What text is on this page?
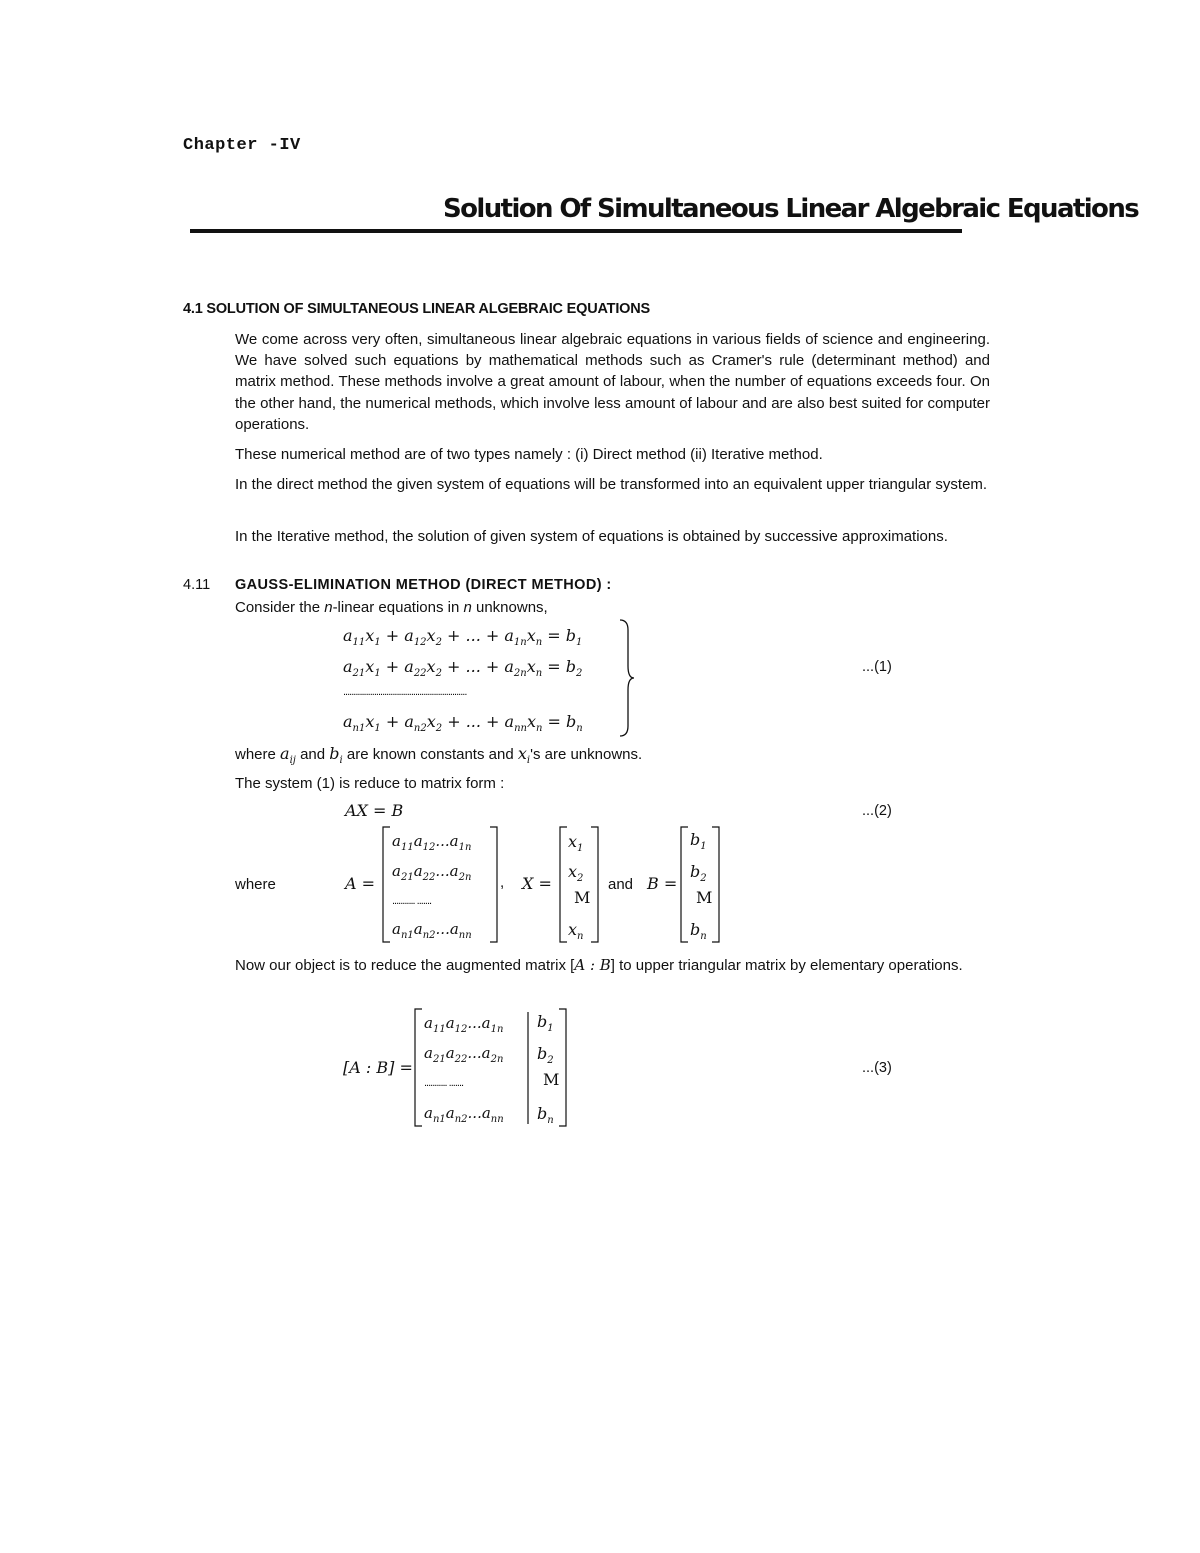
Chapter -IV
Solution Of Simultaneous Linear Algebraic Equations
4.1 SOLUTION OF SIMULTANEOUS LINEAR ALGEBRAIC EQUATIONS
We come across very often, simultaneous linear algebraic equations in various fields of science and engineering. We have solved such equations by mathematical methods such as Cramer's rule (determinant method) and matrix method. These methods involve a great amount of labour, when the number of equations exceeds four. On the other hand, the numerical methods, which involve less amount of labour and are also best suited for computer operations.
These numerical method are of two types namely : (i) Direct method (ii) Iterative method.
In the direct method the given system of equations will be transformed into an equivalent upper triangular system.
In the Iterative method, the solution of given system of equations is obtained by successive approximations.
4.11 GAUSS-ELIMINATION METHOD (DIRECT METHOD) :
Consider the n-linear equations in n unknowns,
$a_{11}x_1 + a_{12}x_2$ + ... + $a_{1n}x_n = b_1$
$a_{21}x_1 + a_{22}x_2$ + ... + $a_{2n}x_n = b_2$
............................................................
$a_{n1}x_1 + a_{n2}x_2$ + ... + $a_{nn}x_n = b_n$
...(1)
where $a_{ij}$ and $b_i$ are known constants and $x_i's$ are unknowns.
The system (1) is reduce to matrix form :
AX = B	...(2)
where	A =
$a_{11}a_{12}...a_{1n}$
$a_{21}a_{22}...a_{2n}$
........... .......
$a_{n1}a_{n2}...a_{nn}$
, X =
$x_1$
$x_2$
M
$x_n$
and B =
$b_1$
$b_2$
M
$b_n$
Now our object is to reduce the augmented matrix [A : B] to upper triangular matrix by elementary operations.
[A : B] =
$a_{11}a_{12}...a_{1n}$
$a_{21}a_{22}...a_{2n}$
........... .......
$a_{n1}a_{n2}...a_{nn}$
$b_1$
$b_2$
M
$b_n$
...(3)
